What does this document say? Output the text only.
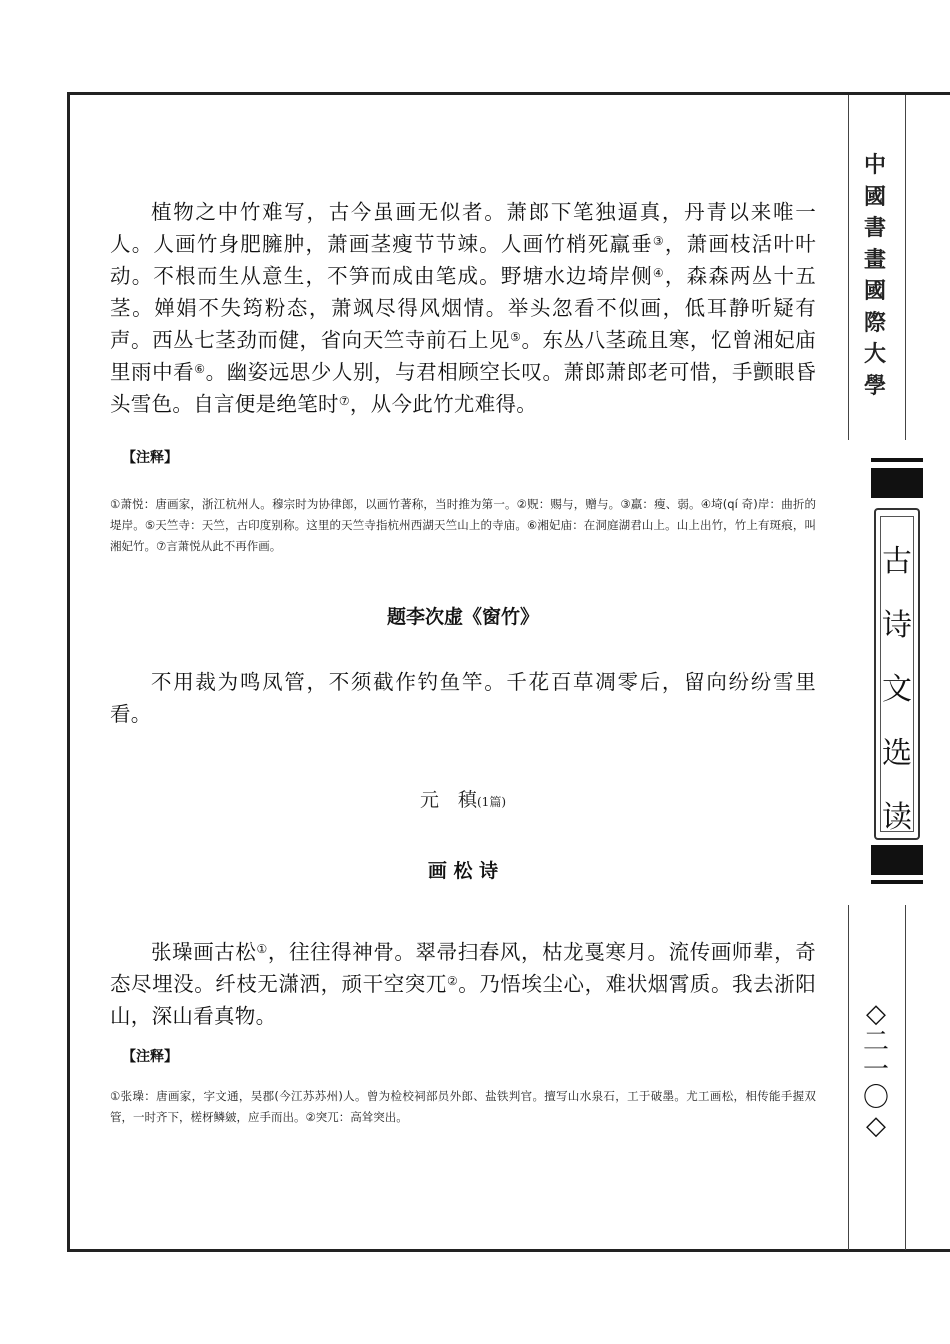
中
國
書
畫
國
際
大
學
古
诗
文
选
读
◇
二
一
〇
◇

植物之中竹难写，古今虽画无似者。萧郎下笔独逼真，丹青以来唯一人。人画竹身肥臃肿，萧画茎瘦节节竦。人画竹梢死羸垂③，萧画枝活叶叶动。不根而生从意生，不笋而成由笔成。野塘水边埼岸侧④，森森两丛十五茎。婵娟不失筠粉态，萧飒尽得风烟情。举头忽看不似画，低耳静听疑有声。西丛七茎劲而健，省向天竺寺前石上见⑤。东丛八茎疏且寒，忆曾湘妃庙里雨中看⑥。幽姿远思少人别，与君相顾空长叹。萧郎萧郎老可惜，手颤眼昏头雪色。自言便是绝笔时⑦，从今此竹尤难得。

【注释】

①萧悦：唐画家，浙江杭州人。穆宗时为协律郎，以画竹著称，当时推为第一。②贶：赐与，赠与。③羸：瘦、弱。④埼(qí 奇)岸：曲折的堤岸。⑤天竺寺：天竺，古印度别称。这里的天竺寺指杭州西湖天竺山上的寺庙。⑥湘妃庙：在洞庭湖君山上。山上出竹，竹上有斑痕，叫湘妃竹。⑦言萧悦从此不再作画。

题李次虚《窗竹》

不用裁为鸣凤管，不须截作钓鱼竿。千花百草凋零后，留向纷纷雪里看。

元　稹(1篇)
画 松 诗

张璪画古松①，往往得神骨。翠帚扫春风，枯龙戛寒月。流传画师辈，奇态尽埋没。纤枝无潇洒，顽干空突兀②。乃悟埃尘心，难状烟霄质。我去浙阳山，深山看真物。

【注释】

①张璪：唐画家，字文通，吴郡(今江苏苏州)人。曾为检校祠部员外郎、盐铁判官。擅写山水泉石，工于破墨。尤工画松，相传能手握双管，一时齐下，槎枒鳞皴，应手而出。②突兀：高耸突出。
